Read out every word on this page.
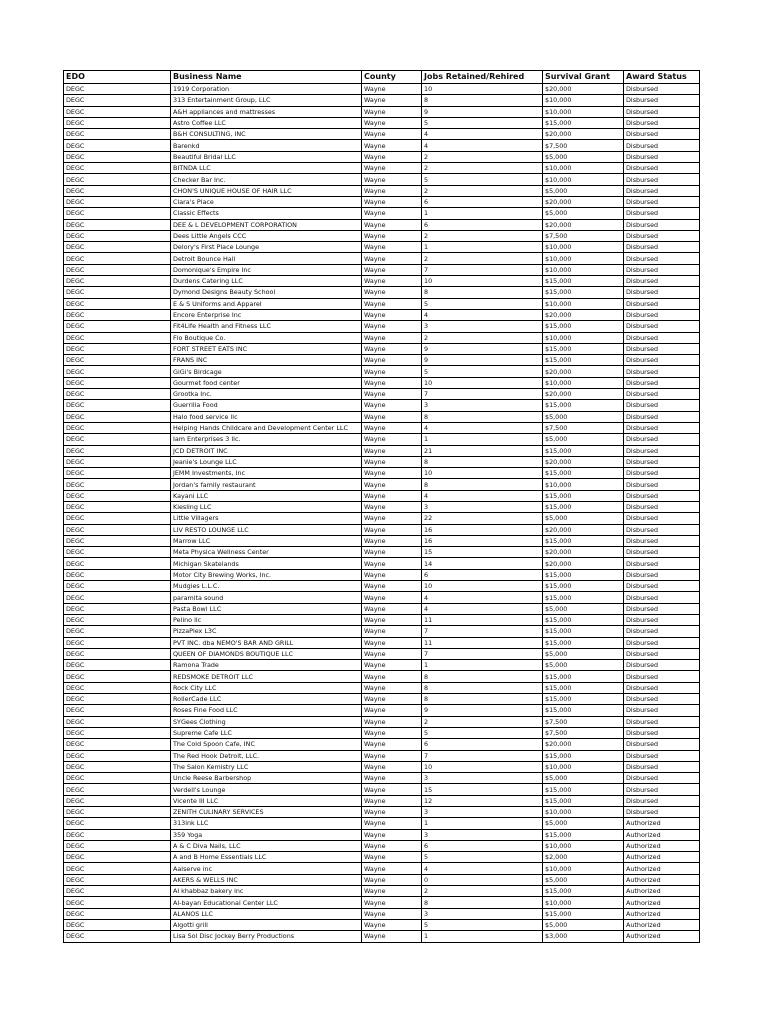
EDO	Business Name	County	Jobs Retained/Rehired	Survival Grant	Award Status
DEGC	1919 Corporation	Wayne	10	$20,000	Disbursed
DEGC	313 Entertainment Group, LLC	Wayne	8	$10,000	Disbursed
DEGC	A&H appliances and mattresses	Wayne	9	$10,000	Disbursed
DEGC	Astro Coffee LLC	Wayne	5	$15,000	Disbursed
DEGC	B&H CONSULTING, INC	Wayne	4	$20,000	Disbursed
DEGC	Barenkd	Wayne	4	$7,500	Disbursed
DEGC	Beautiful Bridal LLC	Wayne	2	$5,000	Disbursed
DEGC	BITNDA LLC	Wayne	2	$10,000	Disbursed
DEGC	Checker Bar Inc.	Wayne	5	$10,000	Disbursed
DEGC	CHON'S UNIQUE HOUSE OF HAIR LLC	Wayne	2	$5,000	Disbursed
DEGC	Clara's Place	Wayne	6	$20,000	Disbursed
DEGC	Classic Effects	Wayne	1	$5,000	Disbursed
DEGC	DEE & L DEVELOPMENT CORPORATION	Wayne	6	$20,000	Disbursed
DEGC	Dees Little Angels CCC	Wayne	2	$7,500	Disbursed
DEGC	Delory's First Place Lounge	Wayne	1	$10,000	Disbursed
DEGC	Detroit Bounce Hall	Wayne	2	$10,000	Disbursed
DEGC	Domonique's Empire Inc	Wayne	7	$10,000	Disbursed
DEGC	Durdens Catering LLC	Wayne	10	$15,000	Disbursed
DEGC	Dymond Designs Beauty School	Wayne	8	$15,000	Disbursed
DEGC	E & S Uniforms and Apparel	Wayne	5	$10,000	Disbursed
DEGC	Encore Enterprise Inc	Wayne	4	$20,000	Disbursed
DEGC	Fit4Life Health and Fitness LLC	Wayne	3	$15,000	Disbursed
DEGC	Flo Boutique Co.	Wayne	2	$10,000	Disbursed
DEGC	FORT STREET EATS INC	Wayne	9	$15,000	Disbursed
DEGC	FRANS INC	Wayne	9	$15,000	Disbursed
DEGC	GiGi's Birdcage	Wayne	5	$20,000	Disbursed
DEGC	Gourmet food center	Wayne	10	$10,000	Disbursed
DEGC	Grootka Inc.	Wayne	7	$20,000	Disbursed
DEGC	Guerrilla Food	Wayne	3	$15,000	Disbursed
DEGC	Halo food service llc	Wayne	8	$5,000	Disbursed
DEGC	Helping Hands Childcare and Development Center LLC	Wayne	4	$7,500	Disbursed
DEGC	Iam Enterprises 3 llc.	Wayne	1	$5,000	Disbursed
DEGC	JCD DETROIT INC	Wayne	21	$15,000	Disbursed
DEGC	Jeanie's Lounge LLC	Wayne	8	$20,000	Disbursed
DEGC	JEMM Investments, Inc	Wayne	10	$15,000	Disbursed
DEGC	Jordan's family restaurant	Wayne	8	$10,000	Disbursed
DEGC	Kayani LLC	Wayne	4	$15,000	Disbursed
DEGC	Kiesling LLC	Wayne	3	$15,000	Disbursed
DEGC	Little Villagers	Wayne	22	$5,000	Disbursed
DEGC	LIV RESTO LOUNGE LLC	Wayne	16	$20,000	Disbursed
DEGC	Marrow LLC	Wayne	16	$15,000	Disbursed
DEGC	Meta Physica Wellness Center	Wayne	15	$20,000	Disbursed
DEGC	Michigan Skatelands	Wayne	14	$20,000	Disbursed
DEGC	Motor City Brewing Works, Inc.	Wayne	6	$15,000	Disbursed
DEGC	Mudgies L.L.C.	Wayne	10	$15,000	Disbursed
DEGC	paramita sound	Wayne	4	$15,000	Disbursed
DEGC	Pasta Bowl LLC	Wayne	4	$5,000	Disbursed
DEGC	Pelino llc	Wayne	11	$15,000	Disbursed
DEGC	PizzaPlex L3C	Wayne	7	$15,000	Disbursed
DEGC	PVT INC. dba NEMO'S BAR AND GRILL	Wayne	11	$15,000	Disbursed
DEGC	QUEEN OF DIAMONDS BOUTIQUE LLC	Wayne	7	$5,000	Disbursed
DEGC	Ramona Trade	Wayne	1	$5,000	Disbursed
DEGC	REDSMOKE DETROIT LLC	Wayne	8	$15,000	Disbursed
DEGC	Rock City LLC	Wayne	8	$15,000	Disbursed
DEGC	RollerCade LLC	Wayne	8	$15,000	Disbursed
DEGC	Roses Fine Food LLC	Wayne	9	$15,000	Disbursed
DEGC	SYGees Clothing	Wayne	2	$7,500	Disbursed
DEGC	Supreme Cafe LLC	Wayne	5	$7,500	Disbursed
DEGC	The Cold Spoon Cafe, INC	Wayne	6	$20,000	Disbursed
DEGC	The Red Hook Detroit, LLC.	Wayne	7	$15,000	Disbursed
DEGC	The Salon Kemistry LLC	Wayne	10	$10,000	Disbursed
DEGC	Uncle Reese Barbershop	Wayne	3	$5,000	Disbursed
DEGC	Verdell's Lounge	Wayne	15	$15,000	Disbursed
DEGC	Vicente III LLC	Wayne	12	$15,000	Disbursed
DEGC	ZENITH CULINARY SERVICES	Wayne	3	$10,000	Disbursed
DEGC	313ink LLC	Wayne	1	$5,000	Authorized
DEGC	359 Yoga	Wayne	3	$15,000	Authorized
DEGC	A & C Diva Nails, LLC	Wayne	6	$10,000	Authorized
DEGC	A and B Home Essentials LLC	Wayne	5	$2,000	Authorized
DEGC	Aalserve inc	Wayne	4	$10,000	Authorized
DEGC	AKERS & WELLS INC	Wayne	0	$5,000	Authorized
DEGC	Al khabbaz bakery inc	Wayne	2	$15,000	Authorized
DEGC	Al-bayan Educational Center LLC	Wayne	8	$10,000	Authorized
DEGC	ALANOS LLC	Wayne	3	$15,000	Authorized
DEGC	Algotti grill	Wayne	5	$5,000	Authorized
DEGC	Lisa Sol Disc Jockey Berry Productions	Wayne	1	$3,000	Authorized
